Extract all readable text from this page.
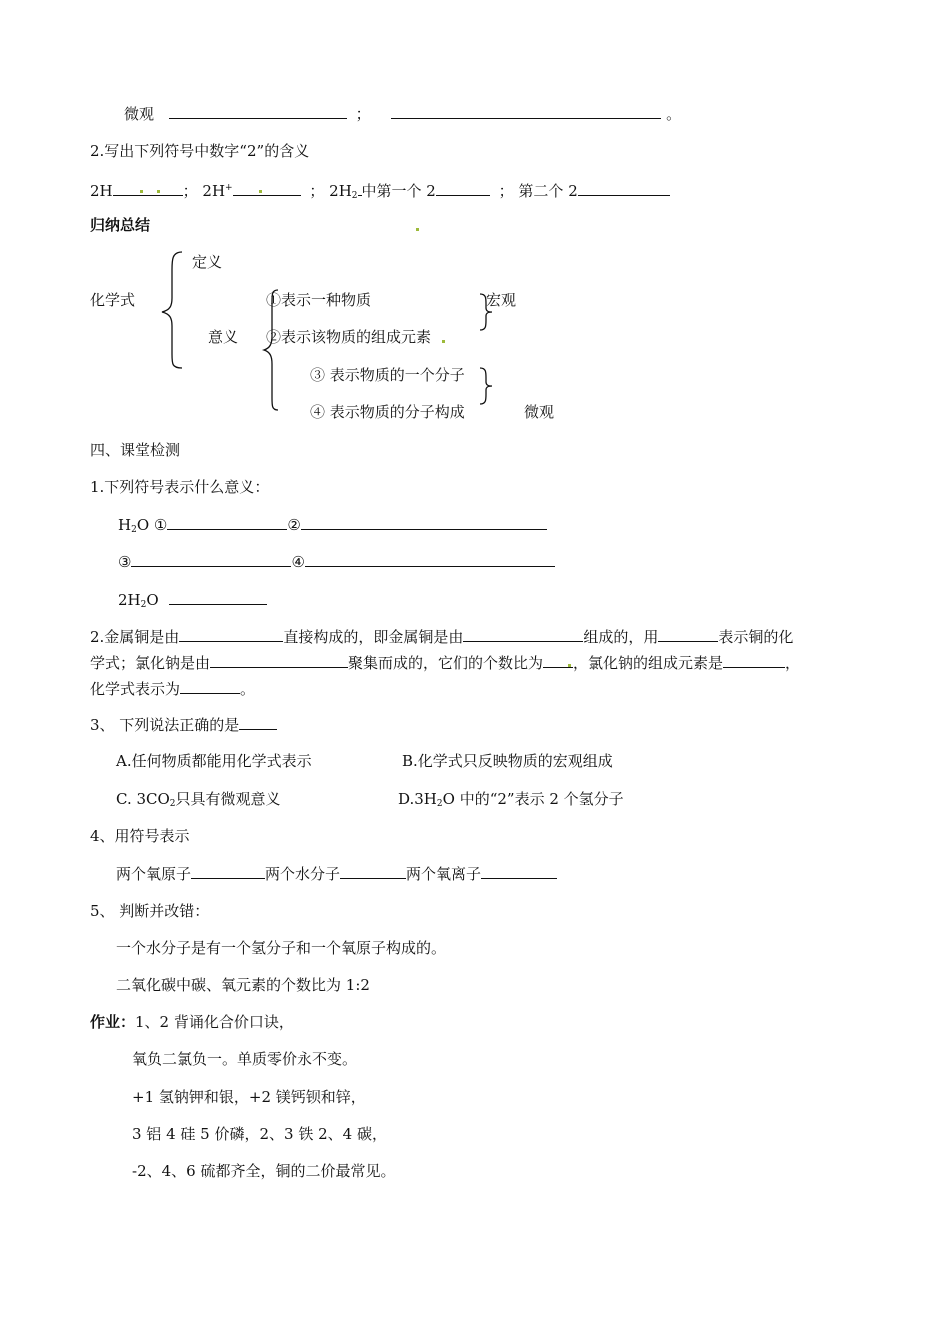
微观	；	。
2.写出下列符号中数字“2”的含义
2H	； 2H+	； $2H_2$ 中第一个 2	； 第二个 2
归纳总结
定义
化学式	①表示一种物质	宏观
意义 ②表示该物质的组成元素
③ 表示物质的一个分子
④ 表示物质的分子构成	微观
四、课堂检测
1.下列符号表示什么意义：
$H_2O$ ①	②
③	④
$2H_2O$
2.金属铜是由	直接构成的，即金属铜是由	组成的，用	表示铜的化
学式；氯化钠是由	聚集而成的，它们的个数比为 ，氯化钠的组成元素是	，
化学式表示为	。
3、 下列说法正确的是
A.任何物质都能用化学式表示	B.化学式只反映物质的宏观组成
C. $3CO_2$只具有微观意义	$D.3H_2O$ 中的“2”表示 2 个氢分子
4、用符号表示
两个氧原子	两个水分子	两个氧离子
5、 判断并改错：
一个水分子是有一个氢分子和一个氧原子构成的。
二氧化碳中碳、氧元素的个数比为 1:2
作业：1、2 背诵化合价口诀，
氧负二氯负一。单质零价永不变。
+1 氢钠钾和银，+2 镁钙钡和锌，
3 铝 4 硅 5 价磷，2、3 铁 2、4 碳，
-2、4、6 硫都齐全，铜的二价最常见。
